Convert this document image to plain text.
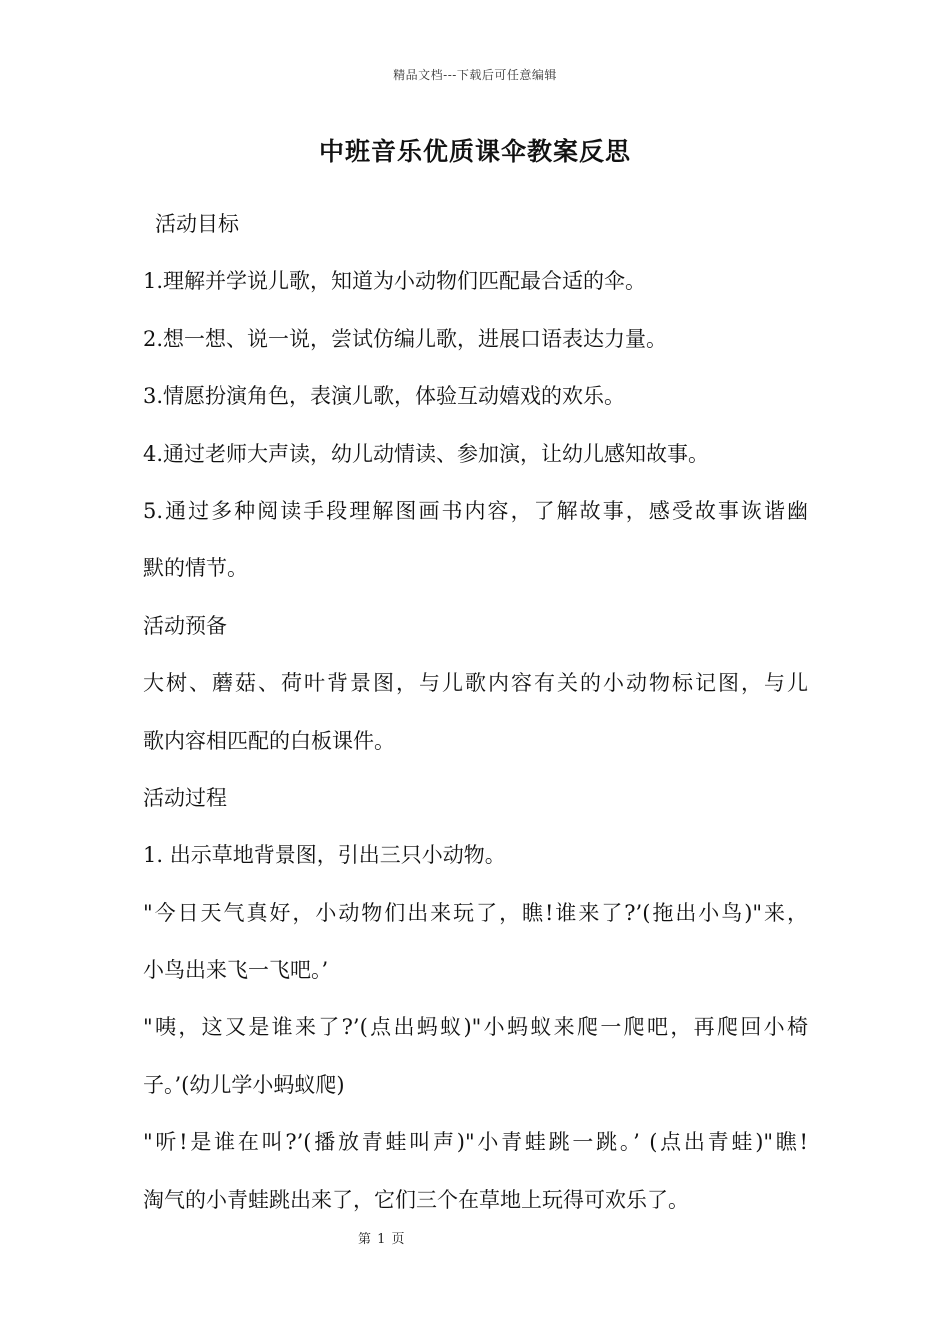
精品文档---下载后可任意编辑
中班音乐优质课伞教案反思
活动目标
1.理解并学说儿歌，知道为小动物们匹配最合适的伞。
2.想一想、说一说，尝试仿编儿歌，进展口语表达力量。
3.情愿扮演角色，表演儿歌，体验互动嬉戏的欢乐。
4.通过老师大声读，幼儿动情读、参加演，让幼儿感知故事。
5.通过多种阅读手段理解图画书内容，了解故事，感受故事诙谐幽
默的情节。
活动预备
大树、蘑菇、荷叶背景图，与儿歌内容有关的小动物标记图，与儿
歌内容相匹配的白板课件。
活动过程
1. 出示草地背景图，引出三只小动物。
"今日天气真好，小动物们出来玩了，瞧!谁来了?’(拖出小鸟)"来，
小鸟出来飞一飞吧。’
"咦，这又是谁来了?’(点出蚂蚁)"小蚂蚁来爬一爬吧，再爬回小椅
子。’(幼儿学小蚂蚁爬)
"听!是谁在叫?’(播放青蛙叫声)"小青蛙跳一跳。’ (点出青蛙)"瞧!
淘气的小青蛙跳出来了，它们三个在草地上玩得可欢乐了。
第 1 页
